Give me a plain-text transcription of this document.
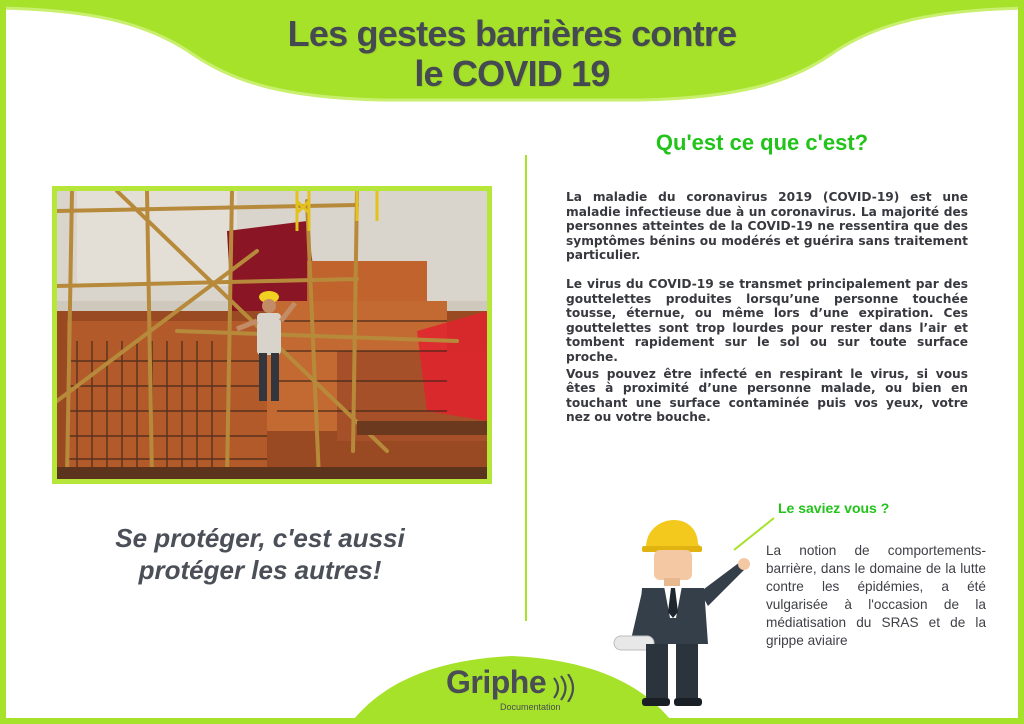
Les gestes barrières contre
le COVID 19
Se protéger, c'est aussi
protéger les autres!
Qu'est ce que c'est?

La maladie du coronavirus 2019 (COVID-19) est une maladie infectieuse due à un coronavirus. La majorité des personnes atteintes de la COVID-19 ne ressentira que des symptômes bénins ou modérés et guérira sans traitement particulier.

Le virus du COVID-19 se transmet principalement par des gouttelettes produites lorsqu’une personne touchée tousse, éternue, ou même lors d’une expiration. Ces gouttelettes sont trop lourdes pour rester dans l’air et tombent rapidement sur le sol ou sur toute surface proche.

Vous pouvez être infecté en respirant le virus, si vous êtes à proximité d’une personne malade, ou bien en touchant une surface contaminée puis vos yeux, votre nez ou votre bouche.

Le saviez vous ?
La notion de comportements-barrière, dans le domaine de la lutte contre les épidémies, a été vulgarisée à l'occasion de la médiatisation du SRAS et de la grippe aviaire
Griphe
Documentation
